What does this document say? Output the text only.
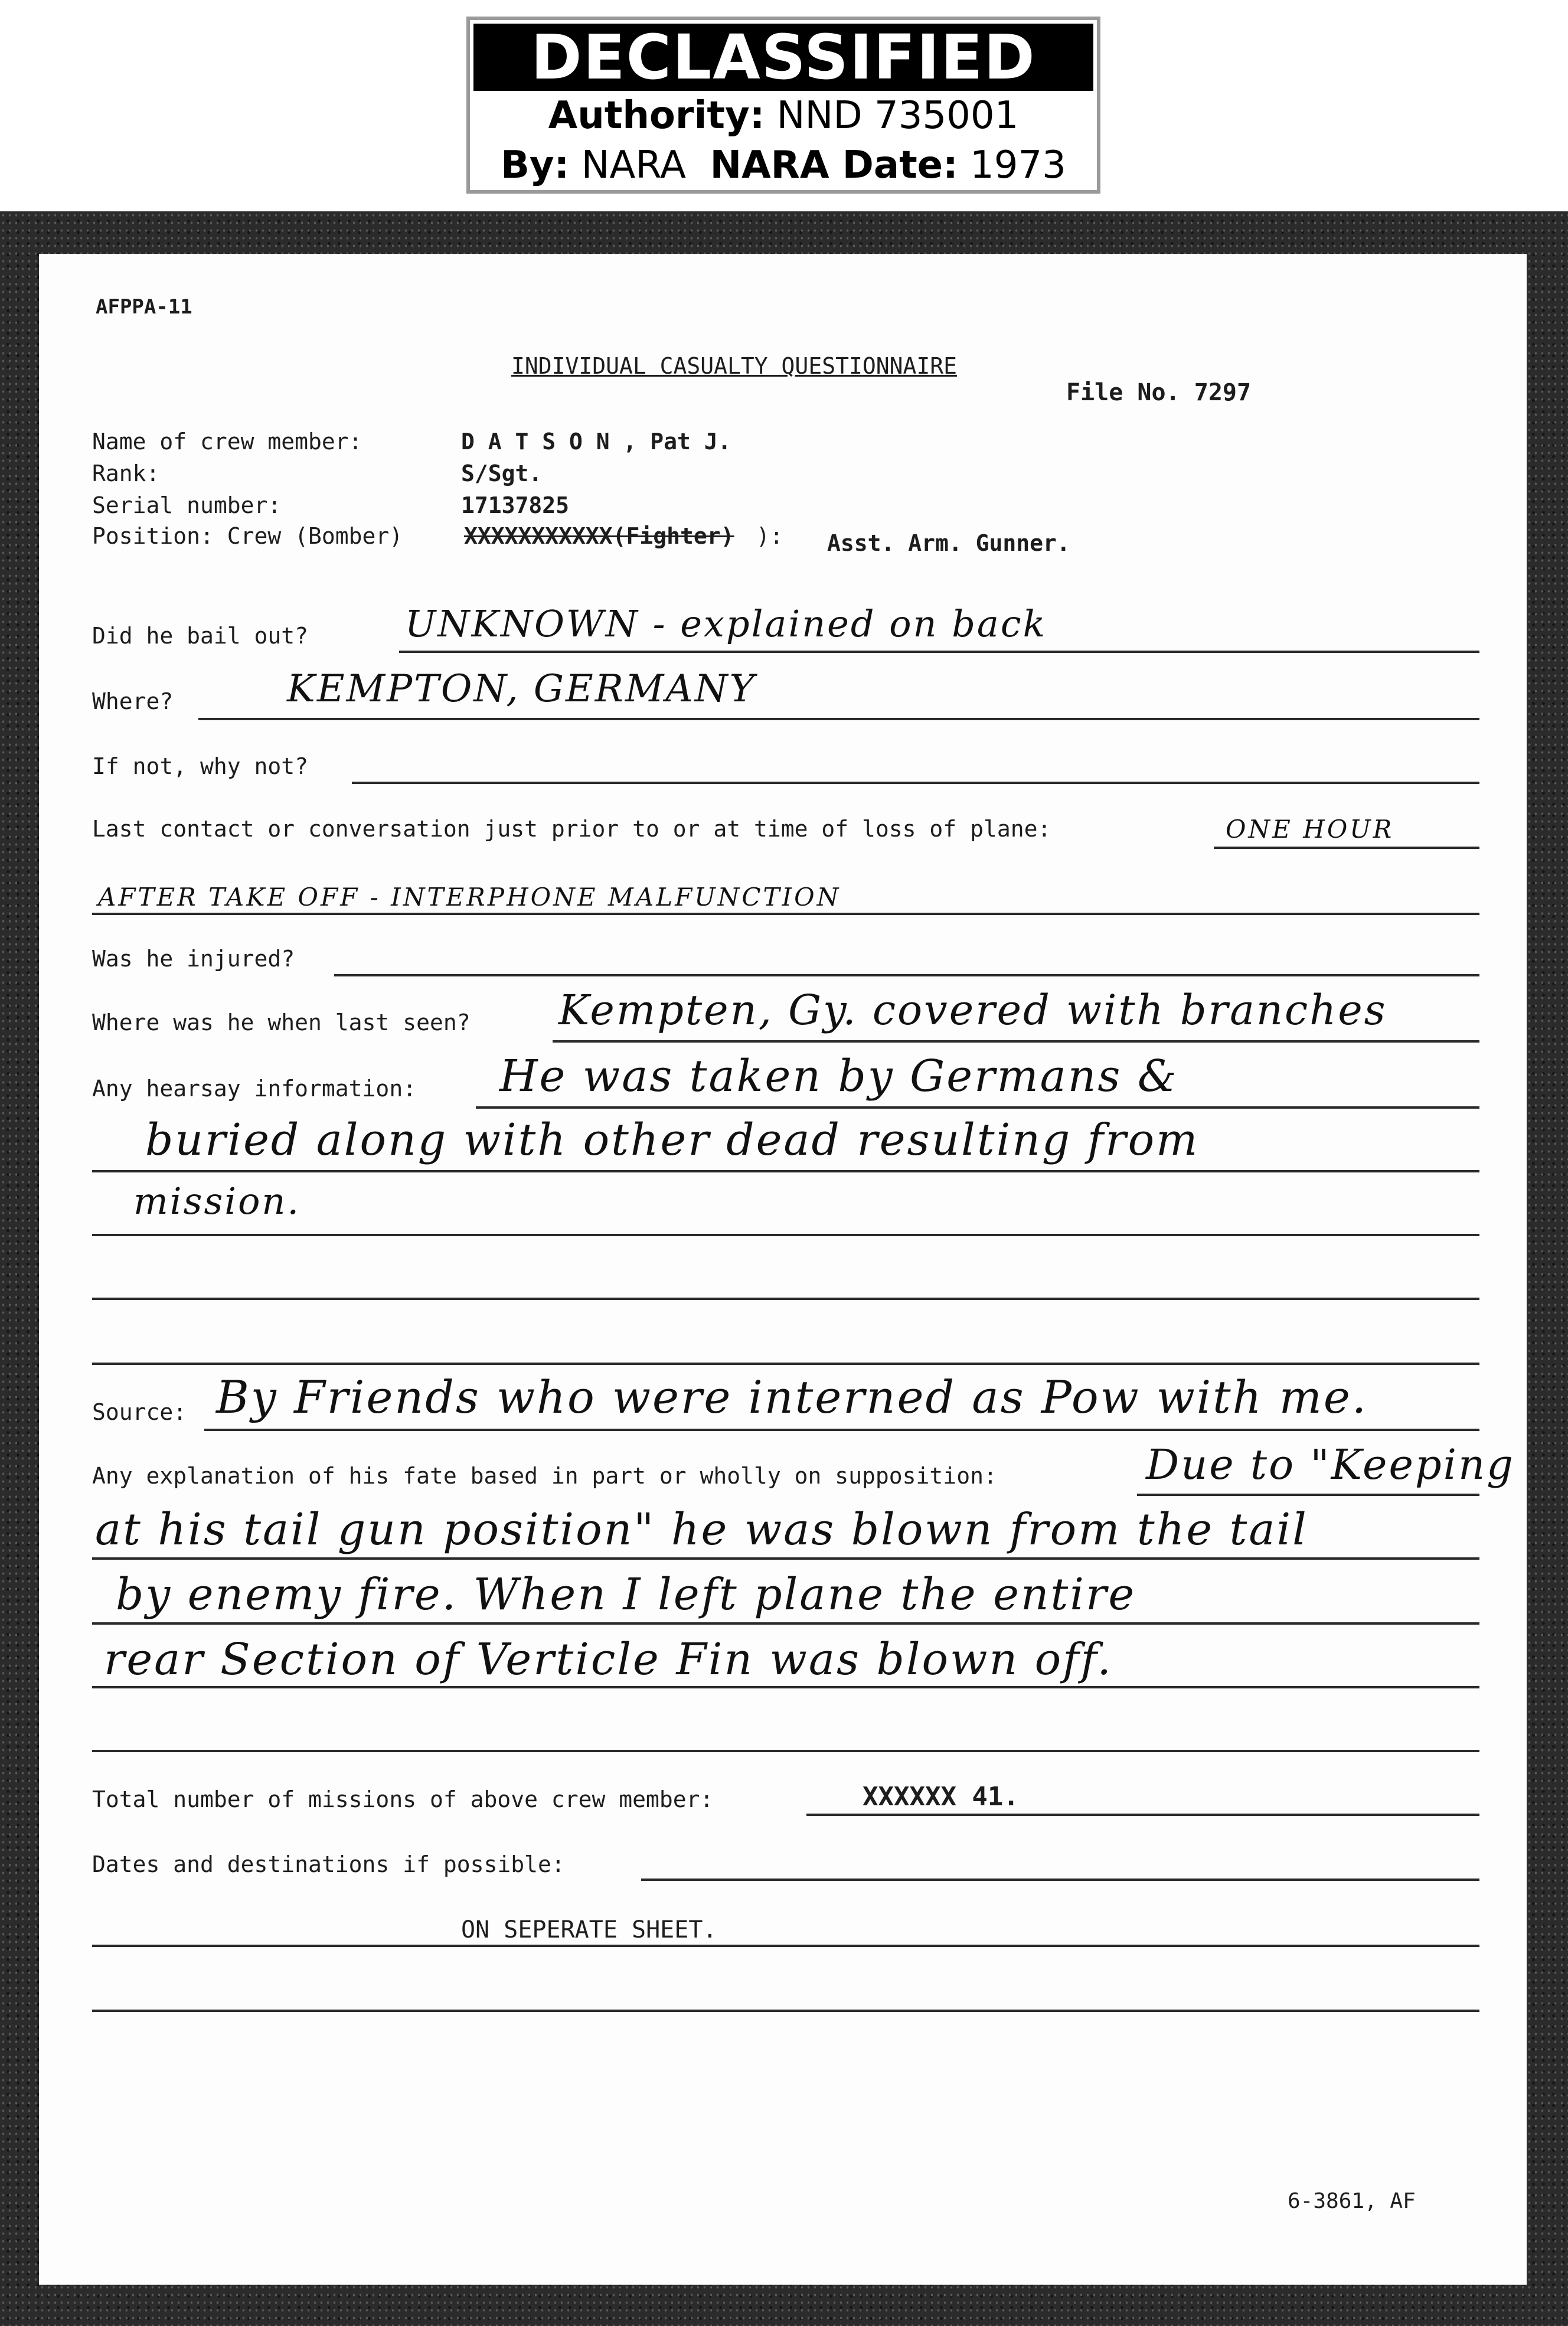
DECLASSIFIED
Authority: NND 735001
By: NARA NARA Date: 1973
AFPPA-11
INDIVIDUAL CASUALTY QUESTIONNAIRE
File No. 7297
Name of crew member:	D A T S O N , Pat J.
Rank:	S/Sgt.
Serial number:	17137825
Position: Crew (Bomber)	XXXXXXXXXXX(Fighter) ): Asst. Arm. Gunner.
Did he bail out?	UNKNOWN - explained on back
Where?	KEMPTON, GERMANY
If not, why not?
Last contact or conversation just prior to or at time of loss of plane:	ONE HOUR
AFTER TAKE OFF - INTERPHONE MALFUNCTION
Was he injured?
Where was he when last seen? Kempten, Gy. covered with branches
Any hearsay information: He was taken by Germans &
buried along with other dead resulting from
mission.
Source: By Friends who were interned as Pow with me.
Any explanation of his fate based in part or wholly on supposition:	Due to "Keeping
at his tail gun position" he was blown from the tail
by enemy fire. When I left plane the entire
rear Section of Verticle Fin was blown off.
Total number of missions of above crew member:	XXXXXX 41.
Dates and destinations if possible:
ON SEPERATE SHEET.
6-3861, AF
